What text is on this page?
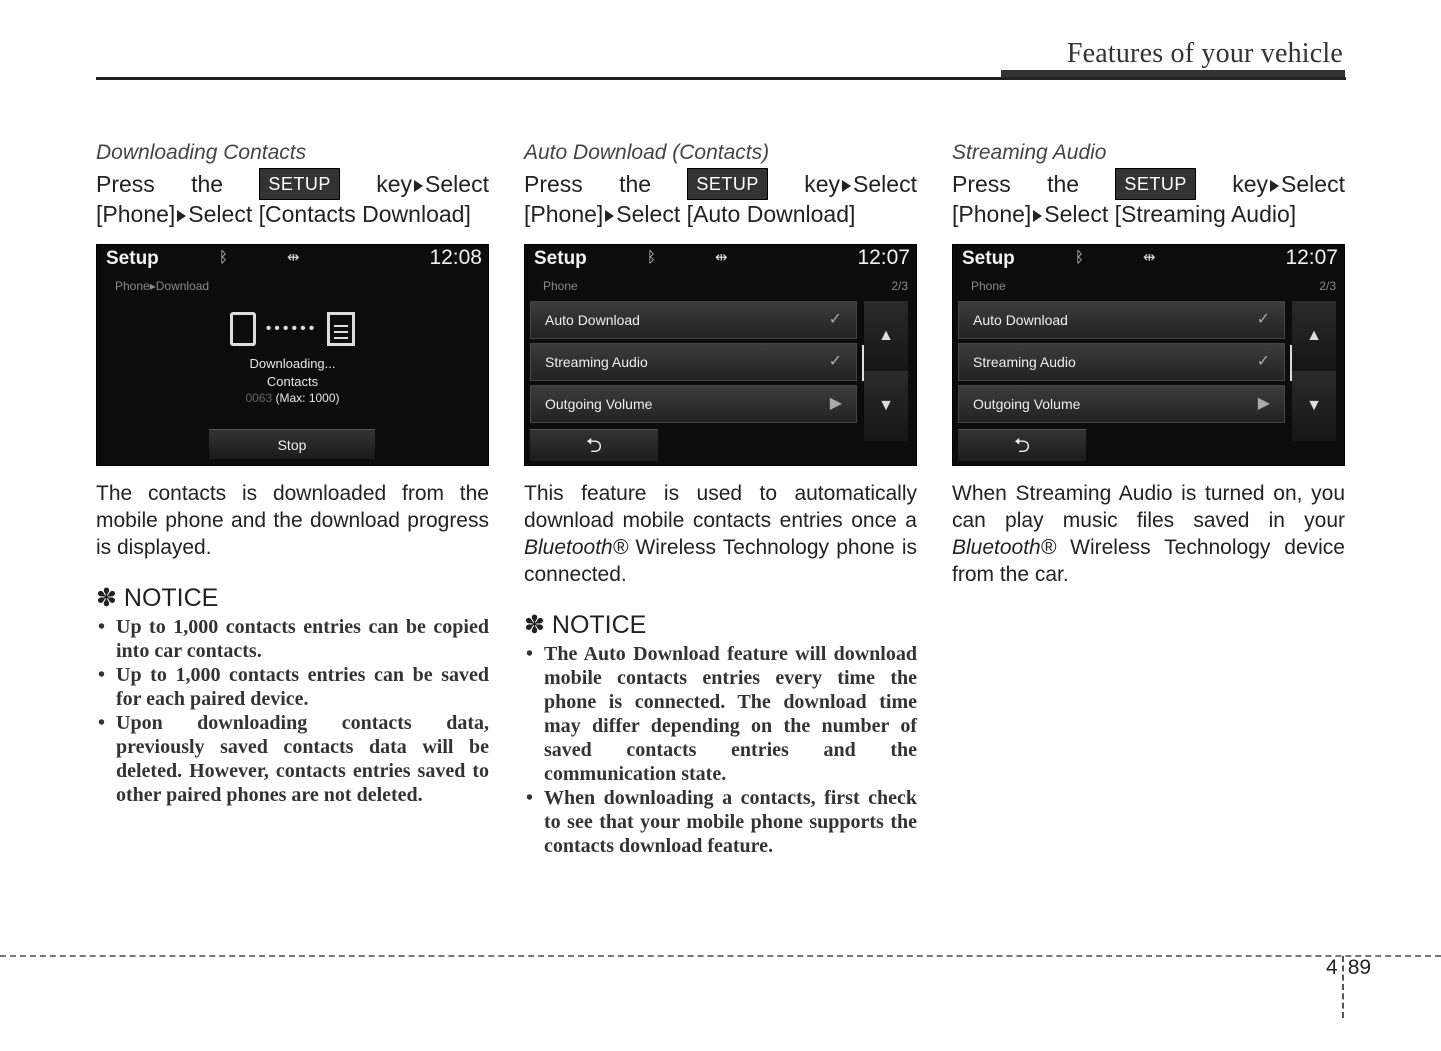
Features of your vehicle
Downloading Contacts
Press the	SETUP	key Select
[Phone] Select [Contacts Download]
Setup	ᛒ	⇹	12:08
Phone▸Download
••••••
Downloading...
Contacts
0063 (Max: 1000)
Stop
The contacts is downloaded from the mobile phone and the download progress is displayed.
✽ NOTICE
• Up to 1,000 contacts entries can be copied into car contacts.
• Up to 1,000 contacts entries can be saved for each paired device.
• Upon downloading contacts data, previously saved contacts data will be deleted. However, contacts entries saved to other paired phones are not deleted.
Auto Download (Contacts)
Press the	SETUP	key Select
[Phone] Select [Auto Download]
Setup	ᛒ	⇹	12:07
Phone	2/3
Auto Download	✓
Streaming Audio	✓
Outgoing Volume	▶
▲
▼
⮌
This feature is used to automatically download mobile contacts entries once a Bluetooth® Wireless Technology phone is connected.
✽ NOTICE
• The Auto Download feature will download mobile contacts entries every time the phone is connected. The download time may differ depending on the number of saved contacts entries and the communication state.
• When downloading a contacts, first check to see that your mobile phone supports the contacts download feature.
Streaming Audio
Press the	SETUP	key Select
[Phone] Select [Streaming Audio]
Setup	ᛒ	⇹	12:07
Phone	2/3
Auto Download	✓
Streaming Audio	✓
Outgoing Volume	▶
▲
▼
⮌
When Streaming Audio is turned on, you can play music files saved in your Bluetooth® Wireless Technology device from the car.
4 89
